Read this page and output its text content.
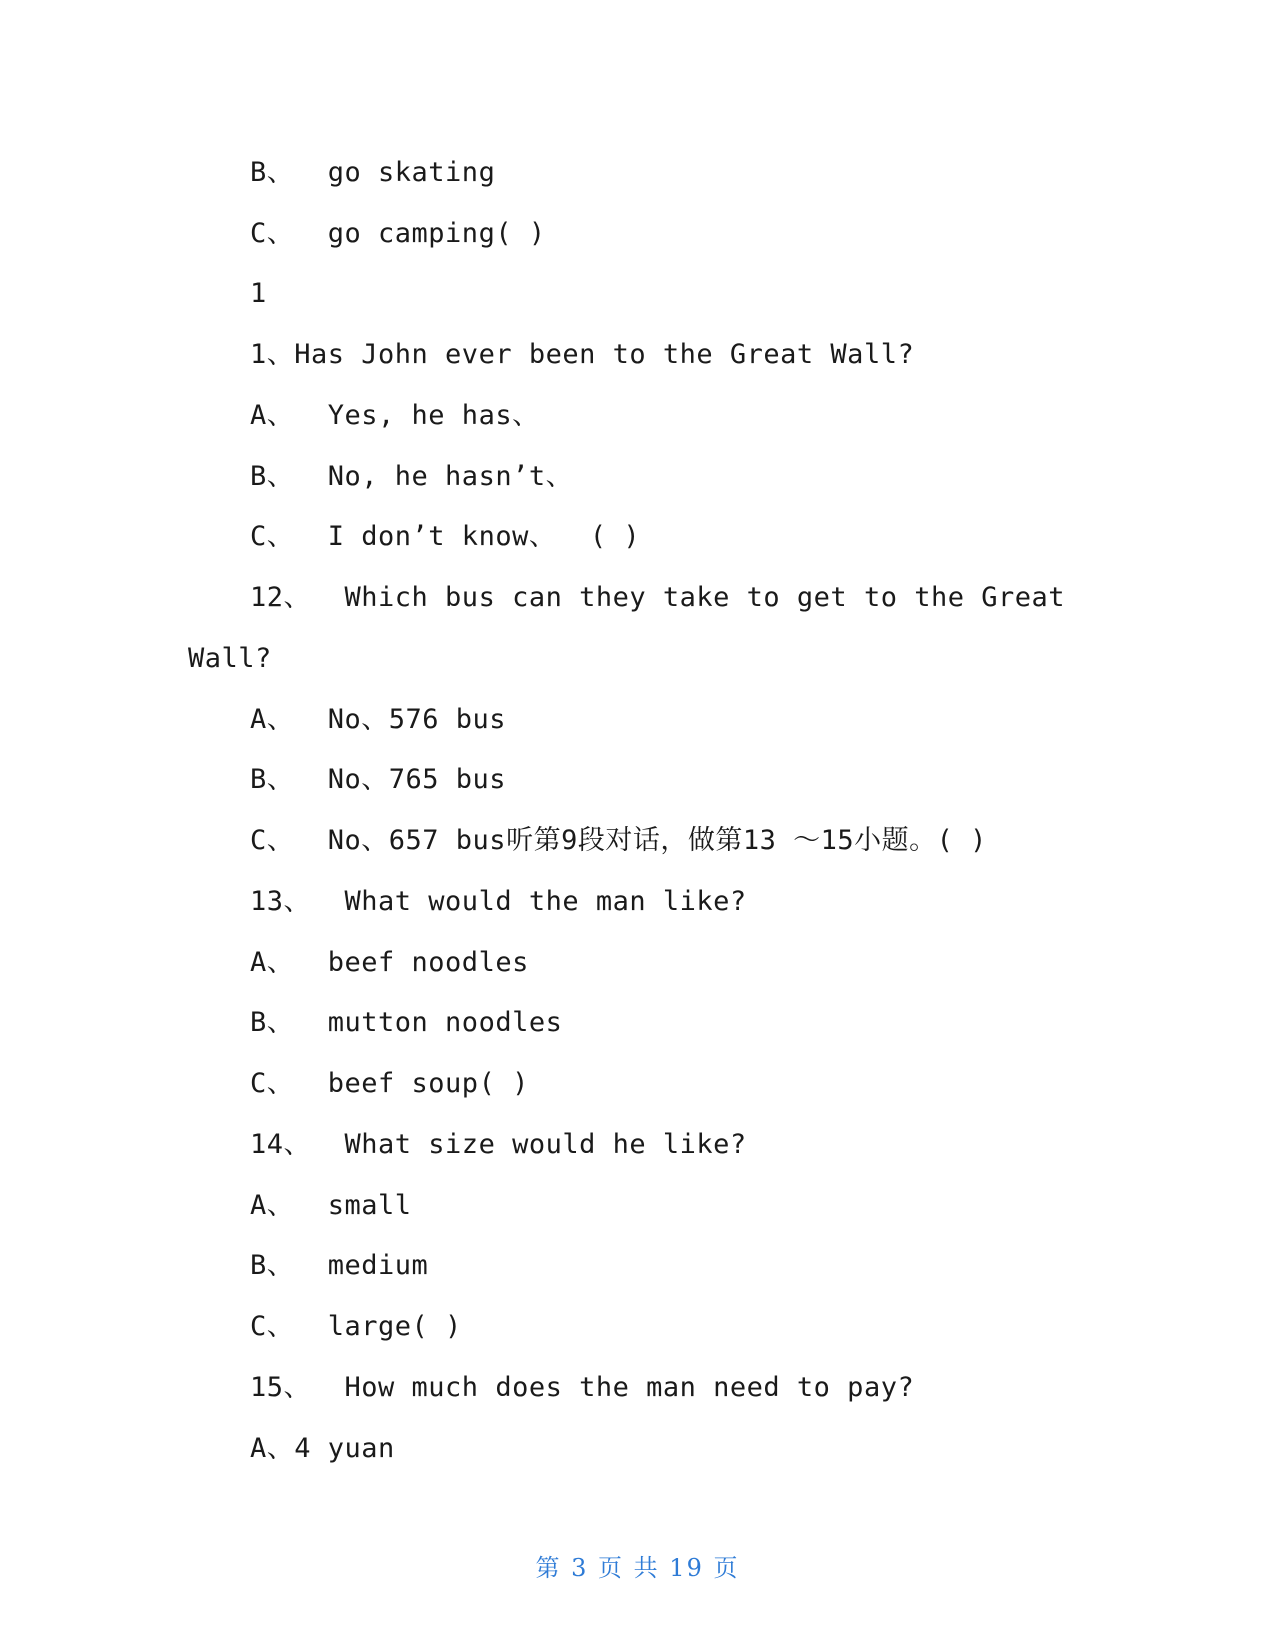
B、  go skating
C、  go camping( )
1
1、Has John ever been to the Great Wall?
A、  Yes, he has、
B、  No, he hasn’t、
C、  I don’t know、  ( )
12、  Which bus can they take to get to the Great
Wall?
A、  No、576 bus
B、  No、765 bus
C、  No、657 bus听第9段对话，做第13 ～15小题。( )
13、  What would the man like?
A、  beef noodles
B、  mutton noodles
C、  beef soup( )
14、  What size would he like?
A、  small
B、  medium
C、  large( )
15、  How much does the man need to pay?
A、4 yuan
第 3 页 共 19 页
